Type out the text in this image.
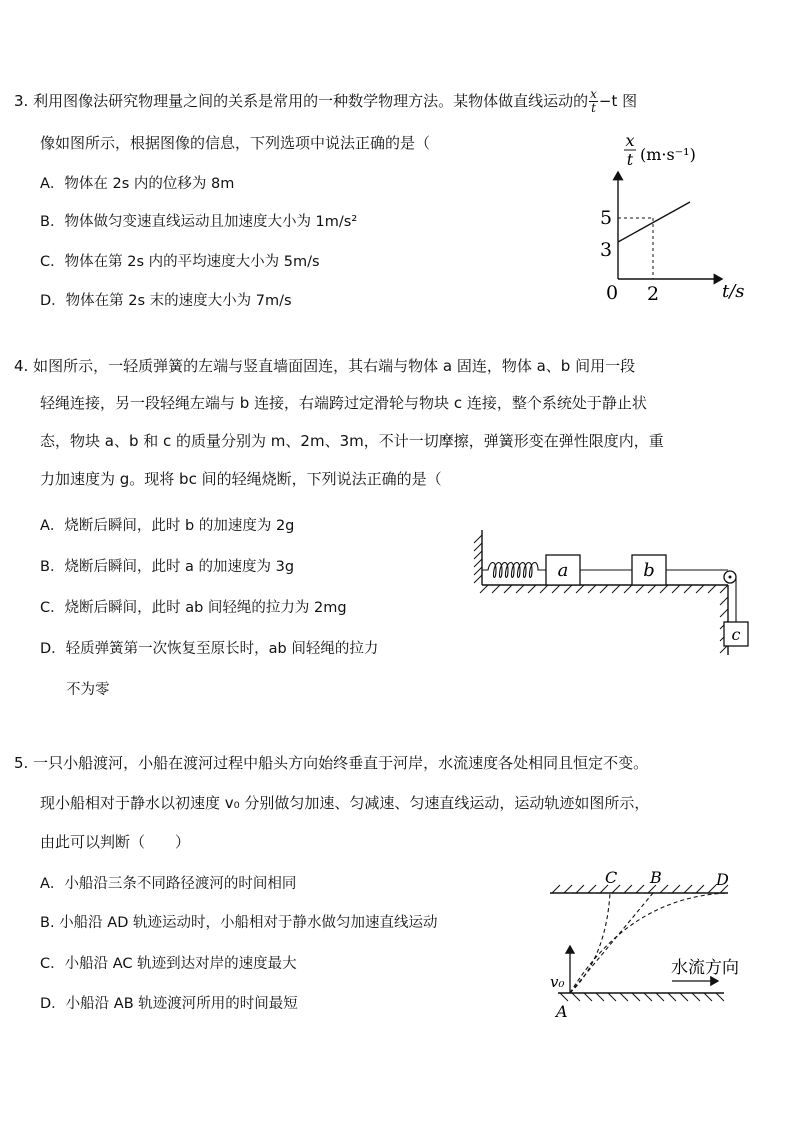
3. 利用图像法研究物理量之间的关系是常用的一种数学物理方法。某物体做直线运动的 $\frac{x}{t} -t$ 图
像如图所示，根据图像的信息，下列选项中说法正确的是（
A．物体在 2s 内的位移为 8m
B．物体做匀变速直线运动且加速度大小为 1m/s²
C．物体在第 2s 内的平均速度大小为 5m/s
D．物体在第 2s 末的速度大小为 7m/s
x
t (m·s⁻¹)
5
3
0 2	t/s
4. 如图所示，一轻质弹簧的左端与竖直墙面固连，其右端与物体 a 固连，物体 a、b 间用一段
轻绳连接，另一段轻绳左端与 b 连接，右端跨过定滑轮与物块 c 连接，整个系统处于静止状
态，物块 a、b 和 c 的质量分别为 m、2m、3m，不计一切摩擦，弹簧形变在弹性限度内，重
力加速度为 g。现将 bc 间的轻绳烧断，下列说法正确的是（
A．烧断后瞬间，此时 b 的加速度为 2g
B．烧断后瞬间，此时 a 的加速度为 3g
C．烧断后瞬间，此时 ab 间轻绳的拉力为 2mg
D．轻质弹簧第一次恢复至原长时，ab 间轻绳的拉力
不为零
a	b
c
5. 一只小船渡河，小船在渡河过程中船头方向始终垂直于河岸，水流速度各处相同且恒定不变。
现小船相对于静水以初速度 v₀ 分别做匀加速、匀减速、匀速直线运动，运动轨迹如图所示，
由此可以判断（　　）
A．小船沿三条不同路径渡河的时间相同
B. 小船沿 AD 轨迹运动时，小船相对于静水做匀加速直线运动
C．小船沿 AC 轨迹到达对岸的速度最大
D．小船沿 AB 轨迹渡河所用的时间最短
v₀
A
C B	D
水流方向
